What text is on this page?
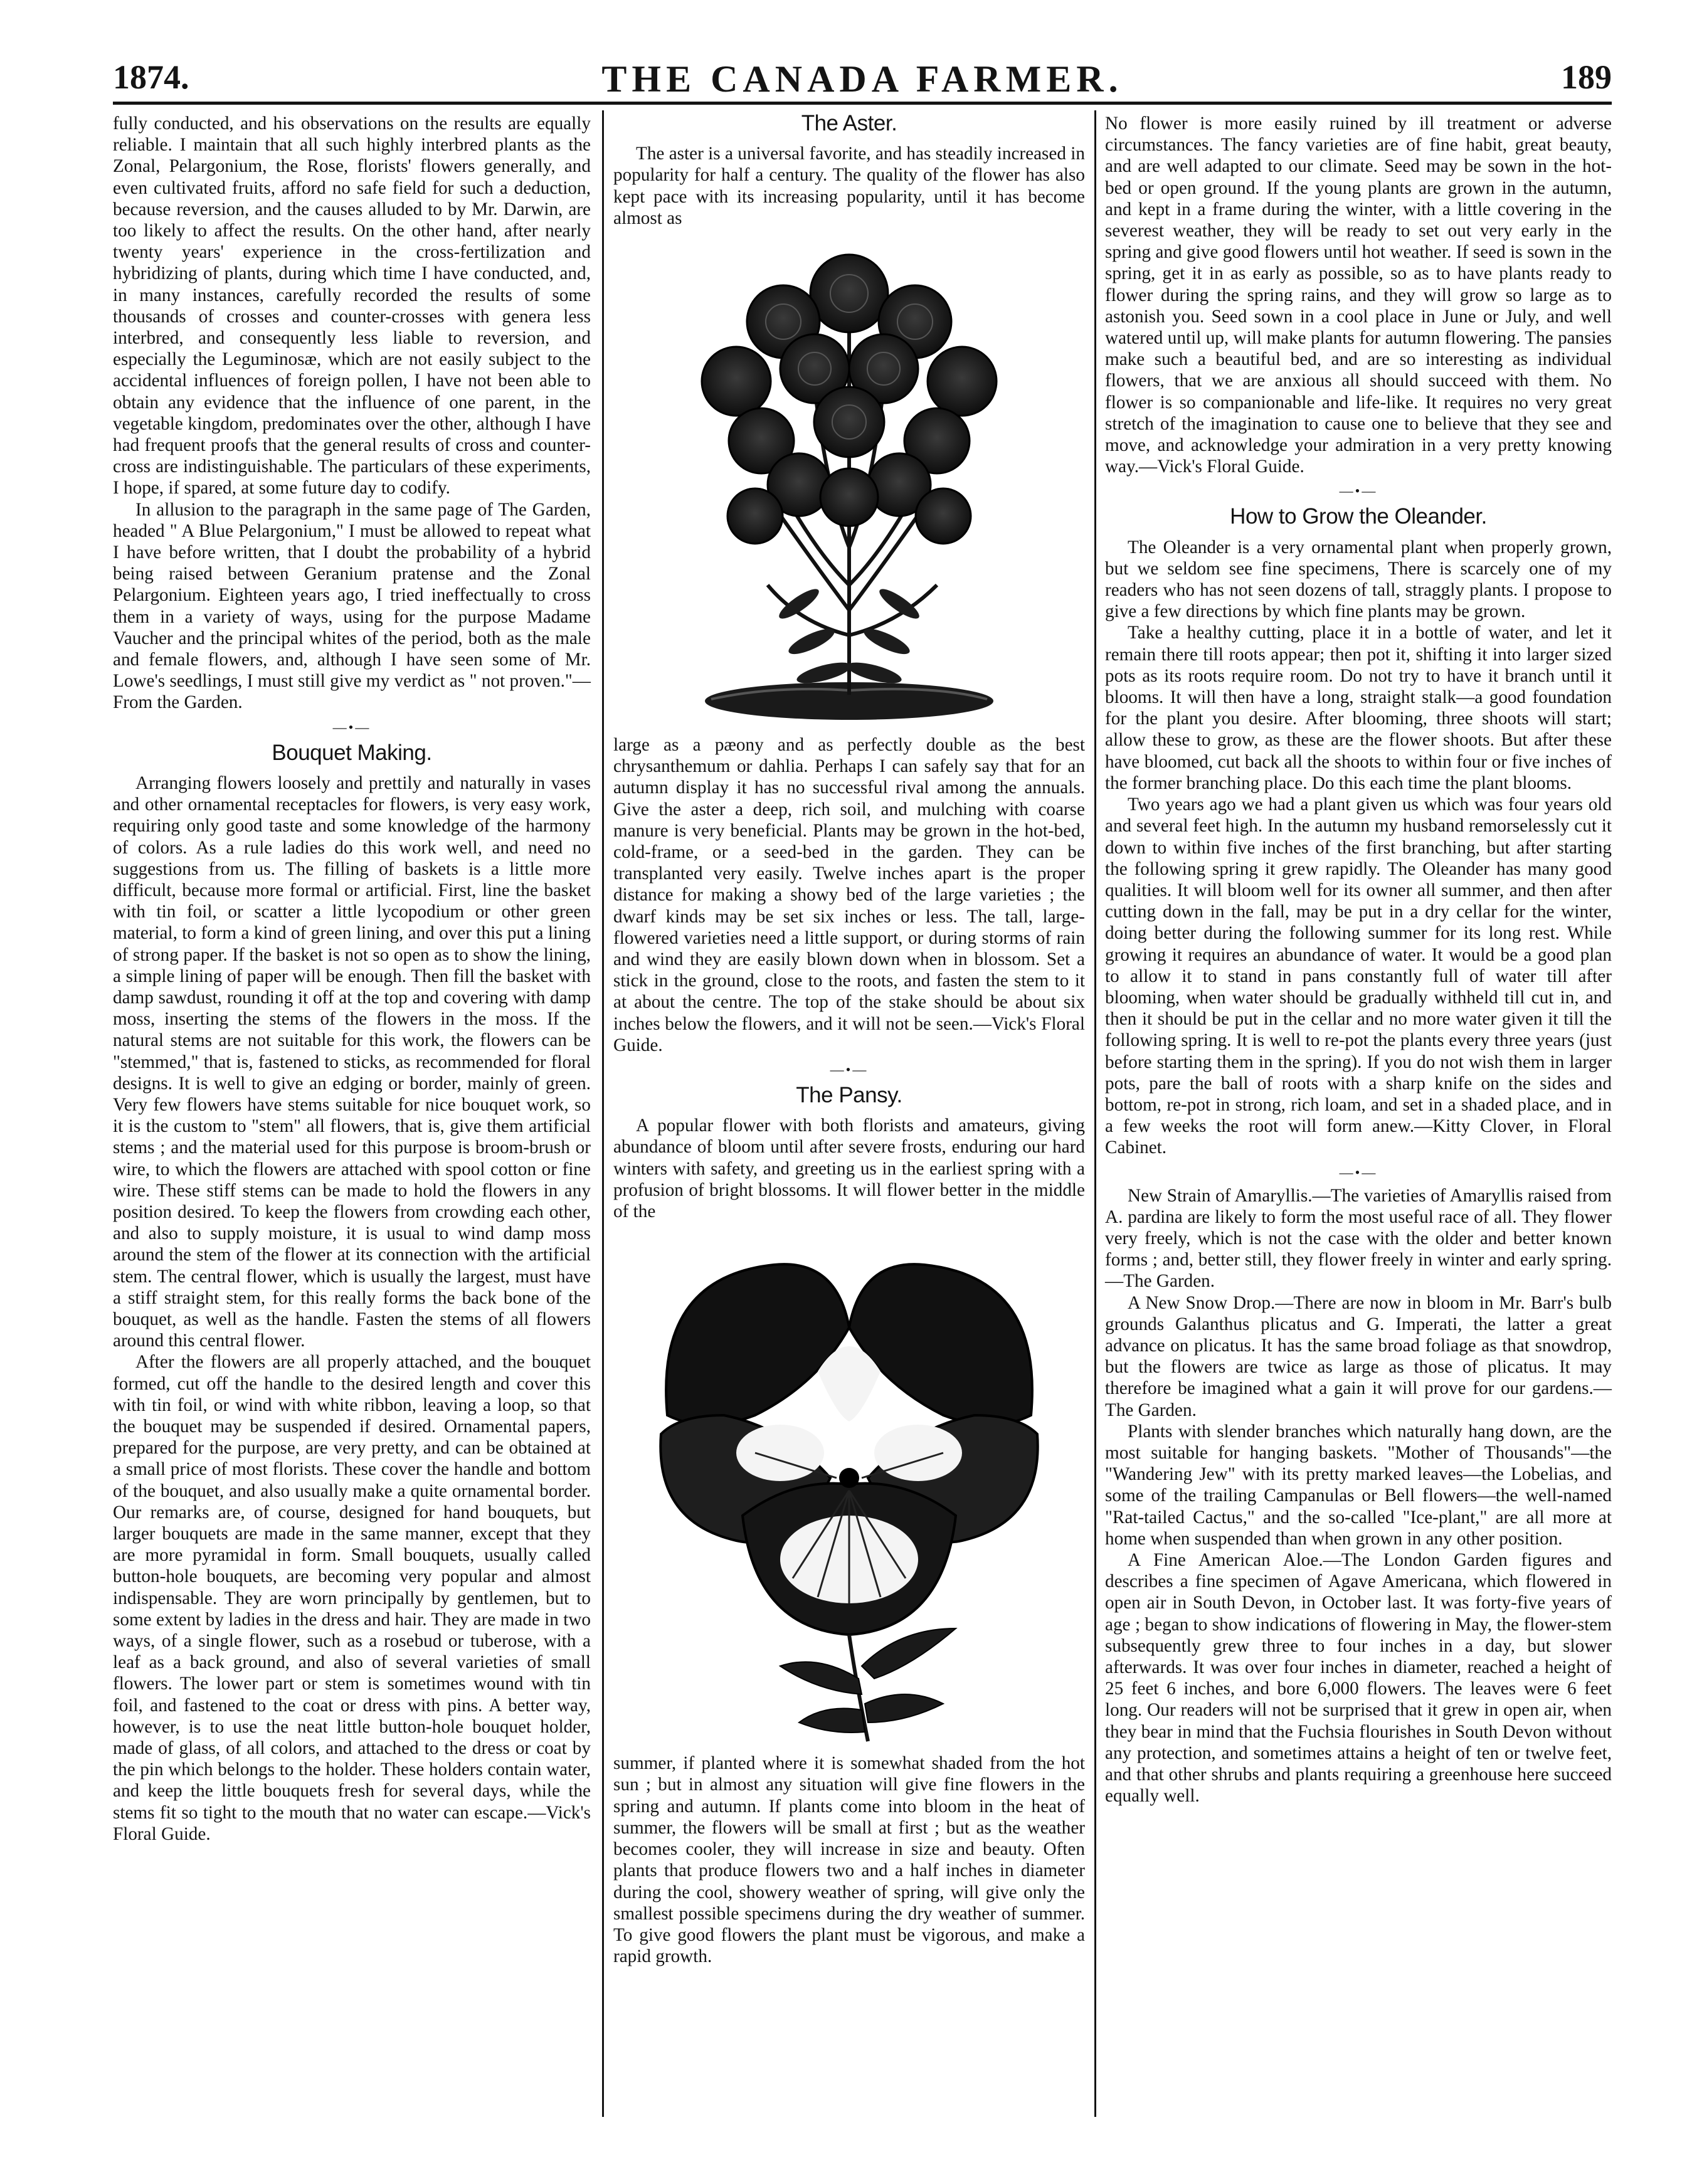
1874.	THE CANADA FARMER.	189

fully conducted, and his observations on the results are equally reliable. I maintain that all such highly interbred plants as the Zonal, Pelargonium, the Rose, florists' flowers generally, and even cultivated fruits, afford no safe field for such a deduction, because reversion, and the causes alluded to by Mr. Darwin, are too likely to affect the results. On the other hand, after nearly twenty years' experience in the cross-fertilization and hybridizing of plants, during which time I have conducted, and, in many instances, carefully recorded the results of some thousands of crosses and counter-crosses with genera less interbred, and consequently less liable to reversion, and especially the Leguminosæ, which are not easily subject to the accidental influences of foreign pollen, I have not been able to obtain any evidence that the influence of one parent, in the vegetable kingdom, predominates over the other, although I have had frequent proofs that the general results of cross and counter-cross are indistinguishable. The particulars of these experiments, I hope, if spared, at some future day to codify.

In allusion to the paragraph in the same page of The Garden, headed " A Blue Pelargonium," I must be allowed to repeat what I have before written, that I doubt the probability of a hybrid being raised between Geranium pratense and the Zonal Pelargonium. Eighteen years ago, I tried ineffectually to cross them in a variety of ways, using for the purpose Madame Vaucher and the principal whites of the period, both as the male and female flowers, and, although I have seen some of Mr. Lowe's seedlings, I must still give my verdict as " not proven."—From the Garden.

—•—
Bouquet Making.

Arranging flowers loosely and prettily and naturally in vases and other ornamental receptacles for flowers, is very easy work, requiring only good taste and some knowledge of the harmony of colors. As a rule ladies do this work well, and need no suggestions from us. The filling of baskets is a little more difficult, because more formal or artificial. First, line the basket with tin foil, or scatter a little lycopodium or other green material, to form a kind of green lining, and over this put a lining of strong paper. If the basket is not so open as to show the lining, a simple lining of paper will be enough. Then fill the basket with damp sawdust, rounding it off at the top and covering with damp moss, inserting the stems of the flowers in the moss. If the natural stems are not suitable for this work, the flowers can be "stemmed," that is, fastened to sticks, as recommended for floral designs. It is well to give an edging or border, mainly of green. Very few flowers have stems suitable for nice bouquet work, so it is the custom to "stem" all flowers, that is, give them artificial stems ; and the material used for this purpose is broom-brush or wire, to which the flowers are attached with spool cotton or fine wire. These stiff stems can be made to hold the flowers in any position desired. To keep the flowers from crowding each other, and also to supply moisture, it is usual to wind damp moss around the stem of the flower at its connection with the artificial stem. The central flower, which is usually the largest, must have a stiff straight stem, for this really forms the back bone of the bouquet, as well as the handle. Fasten the stems of all flowers around this central flower.

After the flowers are all properly attached, and the bouquet formed, cut off the handle to the desired length and cover this with tin foil, or wind with white ribbon, leaving a loop, so that the bouquet may be suspended if desired. Ornamental papers, prepared for the purpose, are very pretty, and can be obtained at a small price of most florists. These cover the handle and bottom of the bouquet, and also usually make a quite ornamental border. Our remarks are, of course, designed for hand bouquets, but larger bouquets are made in the same manner, except that they are more pyramidal in form. Small bouquets, usually called button-hole bouquets, are becoming very popular and almost indispensable. They are worn principally by gentlemen, but to some extent by ladies in the dress and hair. They are made in two ways, of a single flower, such as a rosebud or tuberose, with a leaf as a back ground, and also of several varieties of small flowers. The lower part or stem is sometimes wound with tin foil, and fastened to the coat or dress with pins. A better way, however, is to use the neat little button-hole bouquet holder, made of glass, of all colors, and attached to the dress or coat by the pin which belongs to the holder. These holders contain water, and keep the little bouquets fresh for several days, while the stems fit so tight to the mouth that no water can escape.—Vick's Floral Guide.

The Aster.

The aster is a universal favorite, and has steadily increased in popularity for half a century. The quality of the flower has also kept pace with its increasing popularity, until it has become almost as

large as a pæony and as perfectly double as the best chrysanthemum or dahlia. Perhaps I can safely say that for an autumn display it has no successful rival among the annuals. Give the aster a deep, rich soil, and mulching with coarse manure is very beneficial. Plants may be grown in the hot-bed, cold-frame, or a seed-bed in the garden. They can be transplanted very easily. Twelve inches apart is the proper distance for making a showy bed of the large varieties ; the dwarf kinds may be set six inches or less. The tall, large-flowered varieties need a little support, or during storms of rain and wind they are easily blown down when in blossom. Set a stick in the ground, close to the roots, and fasten the stem to it at about the centre. The top of the stake should be about six inches below the flowers, and it will not be seen.—Vick's Floral Guide.

—•—
The Pansy.

A popular flower with both florists and amateurs, giving abundance of bloom until after severe frosts, enduring our hard winters with safety, and greeting us in the earliest spring with a profusion of bright blossoms. It will flower better in the middle of the

summer, if planted where it is somewhat shaded from the hot sun ; but in almost any situation will give fine flowers in the spring and autumn. If plants come into bloom in the heat of summer, the flowers will be small at first ; but as the weather becomes cooler, they will increase in size and beauty. Often plants that produce flowers two and a half inches in diameter during the cool, showery weather of spring, will give only the smallest possible specimens during the dry weather of summer. To give good flowers the plant must be vigorous, and make a rapid growth.

No flower is more easily ruined by ill treatment or adverse circumstances. The fancy varieties are of fine habit, great beauty, and are well adapted to our climate. Seed may be sown in the hot-bed or open ground. If the young plants are grown in the autumn, and kept in a frame during the winter, with a little covering in the severest weather, they will be ready to set out very early in the spring and give good flowers until hot weather. If seed is sown in the spring, get it in as early as possible, so as to have plants ready to flower during the spring rains, and they will grow so large as to astonish you. Seed sown in a cool place in June or July, and well watered until up, will make plants for autumn flowering. The pansies make such a beautiful bed, and are so interesting as individual flowers, that we are anxious all should succeed with them. No flower is so companionable and life-like. It requires no very great stretch of the imagination to cause one to believe that they see and move, and acknowledge your admiration in a very pretty knowing way.—Vick's Floral Guide.

—•—
How to Grow the Oleander.

The Oleander is a very ornamental plant when properly grown, but we seldom see fine specimens, There is scarcely one of my readers who has not seen dozens of tall, straggly plants. I propose to give a few directions by which fine plants may be grown.

Take a healthy cutting, place it in a bottle of water, and let it remain there till roots appear; then pot it, shifting it into larger sized pots as its roots require room. Do not try to have it branch until it blooms. It will then have a long, straight stalk—a good foundation for the plant you desire. After blooming, three shoots will start; allow these to grow, as these are the flower shoots. But after these have bloomed, cut back all the shoots to within four or five inches of the former branching place. Do this each time the plant blooms.

Two years ago we had a plant given us which was four years old and several feet high. In the autumn my husband remorselessly cut it down to within five inches of the first branching, but after starting the following spring it grew rapidly. The Oleander has many good qualities. It will bloom well for its owner all summer, and then after cutting down in the fall, may be put in a dry cellar for the winter, doing better during the following summer for its long rest. While growing it requires an abundance of water. It would be a good plan to allow it to stand in pans constantly full of water till after blooming, when water should be gradually withheld till cut in, and then it should be put in the cellar and no more water given it till the following spring. It is well to re-pot the plants every three years (just before starting them in the spring). If you do not wish them in larger pots, pare the ball of roots with a sharp knife on the sides and bottom, re-pot in strong, rich loam, and set in a shaded place, and in a few weeks the root will form anew.—Kitty Clover, in Floral Cabinet.

—•—

New Strain of Amaryllis.—The varieties of Amaryllis raised from A. pardina are likely to form the most useful race of all. They flower very freely, which is not the case with the older and better known forms ; and, better still, they flower freely in winter and early spring.—The Garden.

A New Snow Drop.—There are now in bloom in Mr. Barr's bulb grounds Galanthus plicatus and G. Imperati, the latter a great advance on plicatus. It has the same broad foliage as that snowdrop, but the flowers are twice as large as those of plicatus. It may therefore be imagined what a gain it will prove for our gardens.—The Garden.

Plants with slender branches which naturally hang down, are the most suitable for hanging baskets. "Mother of Thousands"—the "Wandering Jew" with its pretty marked leaves—the Lobelias, and some of the trailing Campanulas or Bell flowers—the well-named "Rat-tailed Cactus," and the so-called "Ice-plant," are all more at home when suspended than when grown in any other position.

A Fine American Aloe.—The London Garden figures and describes a fine specimen of Agave Americana, which flowered in open air in South Devon, in October last. It was forty-five years of age ; began to show indications of flowering in May, the flower-stem subsequently grew three to four inches in a day, but slower afterwards. It was over four inches in diameter, reached a height of 25 feet 6 inches, and bore 6,000 flowers. The leaves were 6 feet long. Our readers will not be surprised that it grew in open air, when they bear in mind that the Fuchsia flourishes in South Devon without any protection, and sometimes attains a height of ten or twelve feet, and that other shrubs and plants requiring a greenhouse here succeed equally well.
